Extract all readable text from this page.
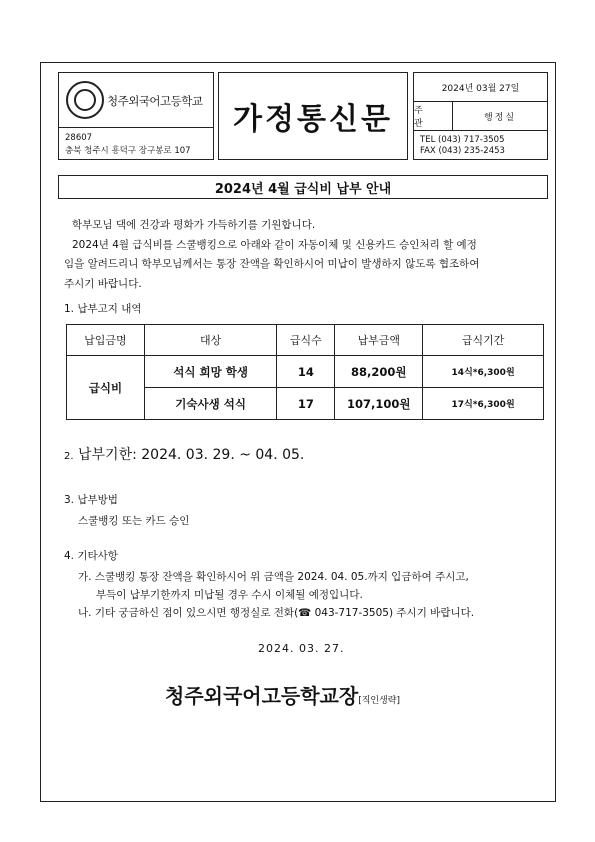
청주외국어고등학교
28607
충북 청주시 흥덕구 장구봉로 107
가정통신문
2024년 03월 27일
주 관
행정실
TEL (043) 717-3505
FAX (043) 235-2453
2024년 4월 급식비 납부 안내

학부모님 댁에 건강과 평화가 가득하기를 기원합니다.

2024년 4월 급식비를 스쿨뱅킹으로 아래와 같이 자동이체 및 신용카드 승인처리 할 예정

임을 알려드리니 학부모님께서는 통장 잔액을 확인하시어 미납이 발생하지 않도록 협조하여

주시기 바랍니다.

1. 납부고지 내역
납입금명	대상	급식수	납부금액	급식기간
급식비	석식 희망 학생	14	88,200원	14식*6,300원
	기숙사생 석식	17	107,100원	17식*6,300원
2. 납부기한: 2024. 03. 29. ~ 04. 05.
3. 납부방법
스쿨뱅킹 또는 카드 승인
4. 기타사항
가. 스쿨뱅킹 통장 잔액을 확인하시어 위 금액을 2024. 04. 05.까지 입금하여 주시고,
부득이 납부기한까지 미납될 경우 수시 이체될 예정입니다.
나. 기타 궁금하신 점이 있으시면 행정실로 전화(☎ 043-717-3505) 주시기 바랍니다.
2024. 03. 27.
청주외국어고등학교장[직인생략]
